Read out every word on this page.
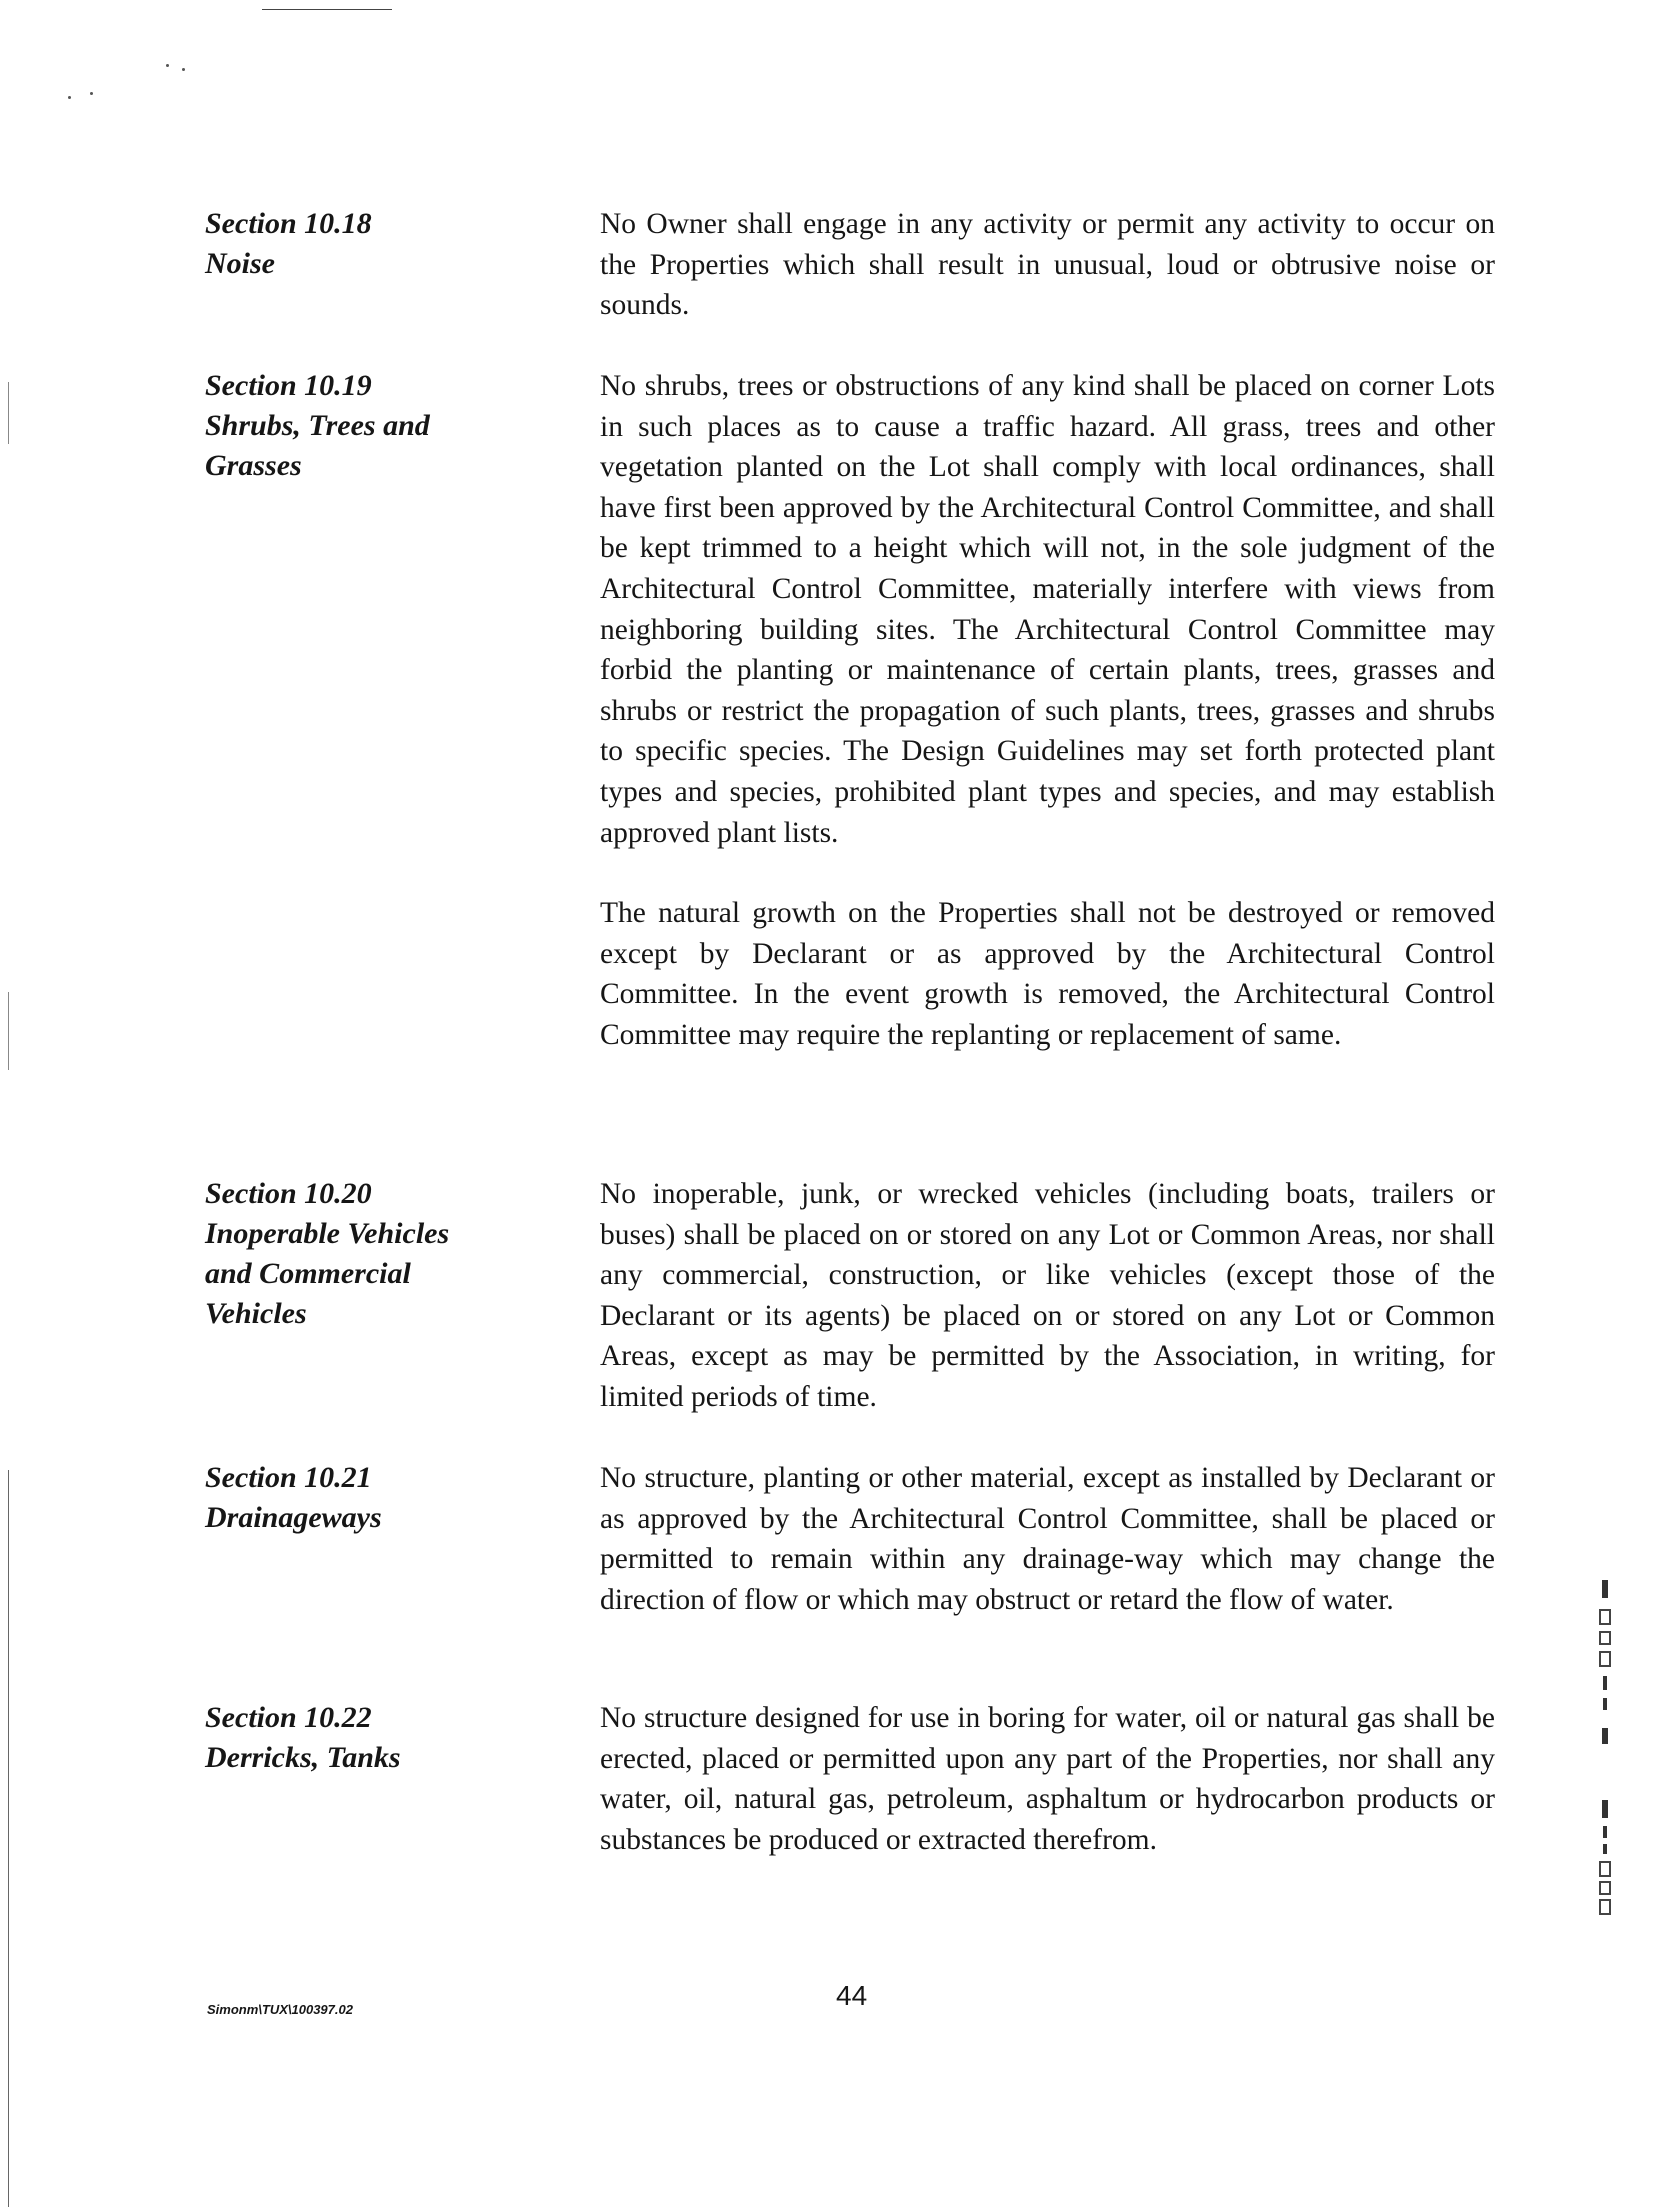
Section 10.18
Noise

No Owner shall engage in any activity or permit any activity to occur on the Properties which shall result in unusual, loud or obtrusive noise or sounds.

Section 10.19
Shrubs, Trees and
Grasses

No shrubs, trees or obstructions of any kind shall be placed on corner Lots in such places as to cause a traffic hazard. All grass, trees and other vegetation planted on the Lot shall comply with local ordinances, shall have first been approved by the Architectural Control Committee, and shall be kept trimmed to a height which will not, in the sole judgment of the Architectural Control Committee, materially interfere with views from neighboring building sites. The Architectural Control Committee may forbid the planting or maintenance of certain plants, trees, grasses and shrubs or restrict the propagation of such plants, trees, grasses and shrubs to specific species. The Design Guidelines may set forth protected plant types and species, prohibited plant types and species, and may establish approved plant lists.

The natural growth on the Properties shall not be destroyed or removed except by Declarant or as approved by the Architectural Control Committee. In the event growth is removed, the Architectural Control Committee may require the replanting or replacement of same.

Section 10.20
Inoperable Vehicles
and Commercial
Vehicles

No inoperable, junk, or wrecked vehicles (including boats, trailers or buses) shall be placed on or stored on any Lot or Common Areas, nor shall any commercial, construction, or like vehicles (except those of the Declarant or its agents) be placed on or stored on any Lot or Common Areas, except as may be permitted by the Association, in writing, for limited periods of time.

Section 10.21
Drainageways

No structure, planting or other material, except as installed by Declarant or as approved by the Architectural Control Committee, shall be placed or permitted to remain within any drainage-way which may change the direction of flow or which may obstruct or retard the flow of water.

Section 10.22
Derricks, Tanks

No structure designed for use in boring for water, oil or natural gas shall be erected, placed or permitted upon any part of the Properties, nor shall any water, oil, natural gas, petroleum, asphaltum or hydrocarbon products or substances be produced or extracted therefrom.

Simonm\TUX\100397.02	44
